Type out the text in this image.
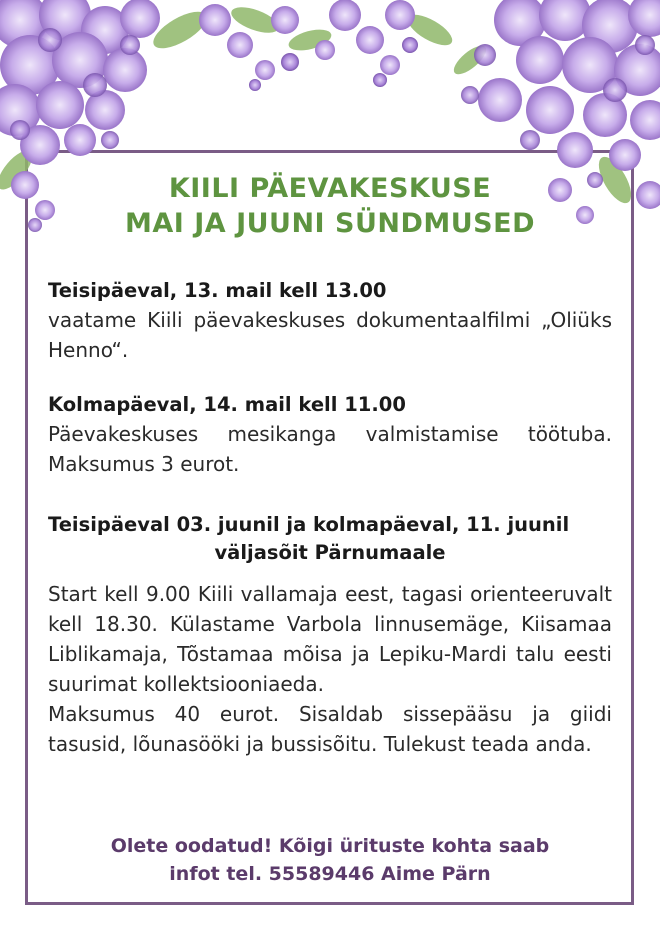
KIILI PÄEVAKESKUSE

MAI JA JUUNI SÜNDMUSED

Teisipäeval, 13. mail kell 13.00

vaatame Kiili päevakeskuses dokumentaalfilmi „Oliüks Henno“.

Kolmapäeval, 14. mail kell 11.00

Päevakeskuses mesikanga valmistamise töötuba. Maksumus 3 eurot.

Teisipäeval 03. juunil ja kolmapäeval, 11. juunil

väljasõit Pärnumaale

Start kell 9.00 Kiili vallamaja eest, tagasi orienteeruvalt kell 18.30. Külastame Varbola linnusemäge, Kiisamaa Liblikamaja, Tõstamaa mõisa ja Lepiku-Mardi talu eesti suurimat kollektsiooniaeda.

Maksumus 40 eurot. Sisaldab sissepääsu ja giidi tasusid, lõunasööki ja bussisõitu. Tulekust teada anda.

Olete oodatud! Kõigi ürituste kohta saab
infot tel. 55589446 Aime Pärn
